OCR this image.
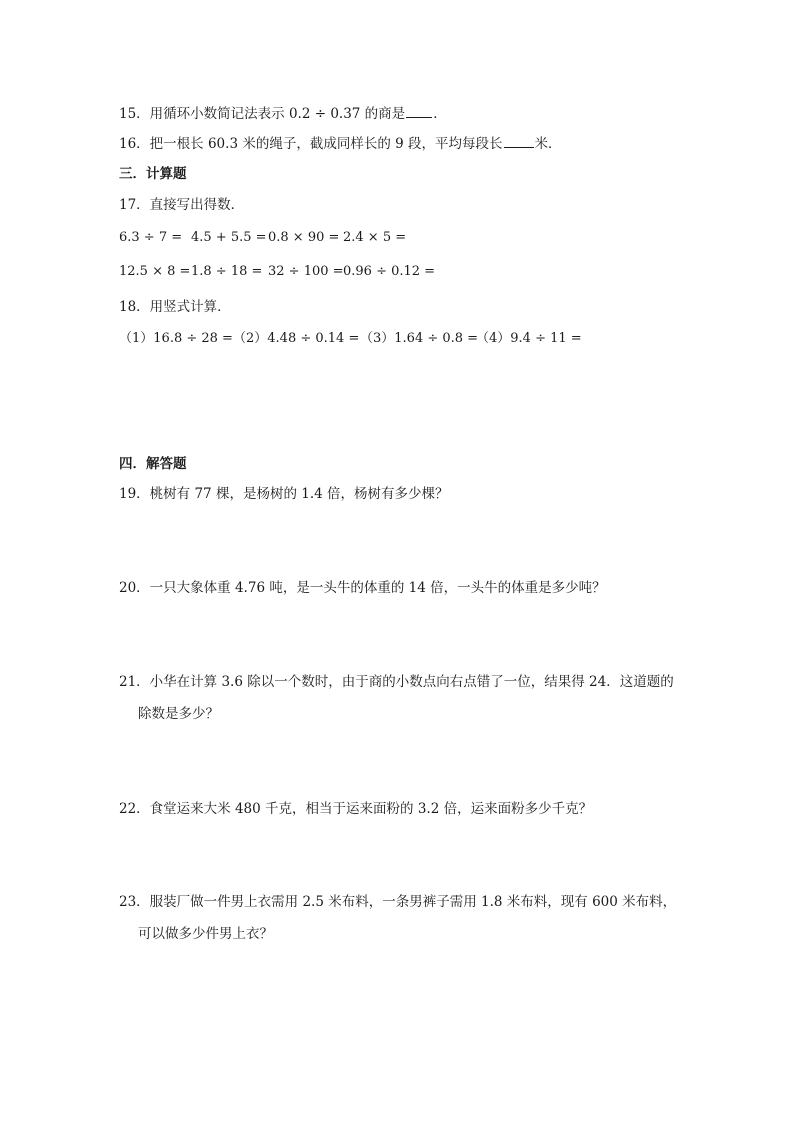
15．用循环小数简记法表示 0.2 ÷ 0.37 的商是 ．
16．把一根长 60.3 米的绳子，截成同样长的 9 段，平均每段长 米．
三．计算题
17．直接写出得数．
6.3 ÷ 7 = 4.5 + 5.5 = 0.8 × 90 = 2.4 × 5 =
12.5 × 8 = 1.8 ÷ 18 = 32 ÷ 100 = 0.96 ÷ 0.12 =
18．用竖式计算．
（1）16.8 ÷ 28 = （2）4.48 ÷ 0.14 = （3）1.64 ÷ 0.8 =
（4）9.4 ÷ 11 =
四．解答题
19．桃树有 77 棵，是杨树的 1.4 倍，杨树有多少棵？
20．一只大象体重 4.76 吨，是一头牛的体重的 14 倍，一头牛的体重是多少吨？
21．小华在计算 3.6 除以一个数时，由于商的小数点向右点错了一位，结果得 24．这道题的
除数是多少？
22．食堂运来大米 480 千克，相当于运来面粉的 3.2 倍，运来面粉多少千克？
23．服装厂做一件男上衣需用 2.5 米布料，一条男裤子需用 1.8 米布料，现有 600 米布料，
可以做多少件男上衣？
